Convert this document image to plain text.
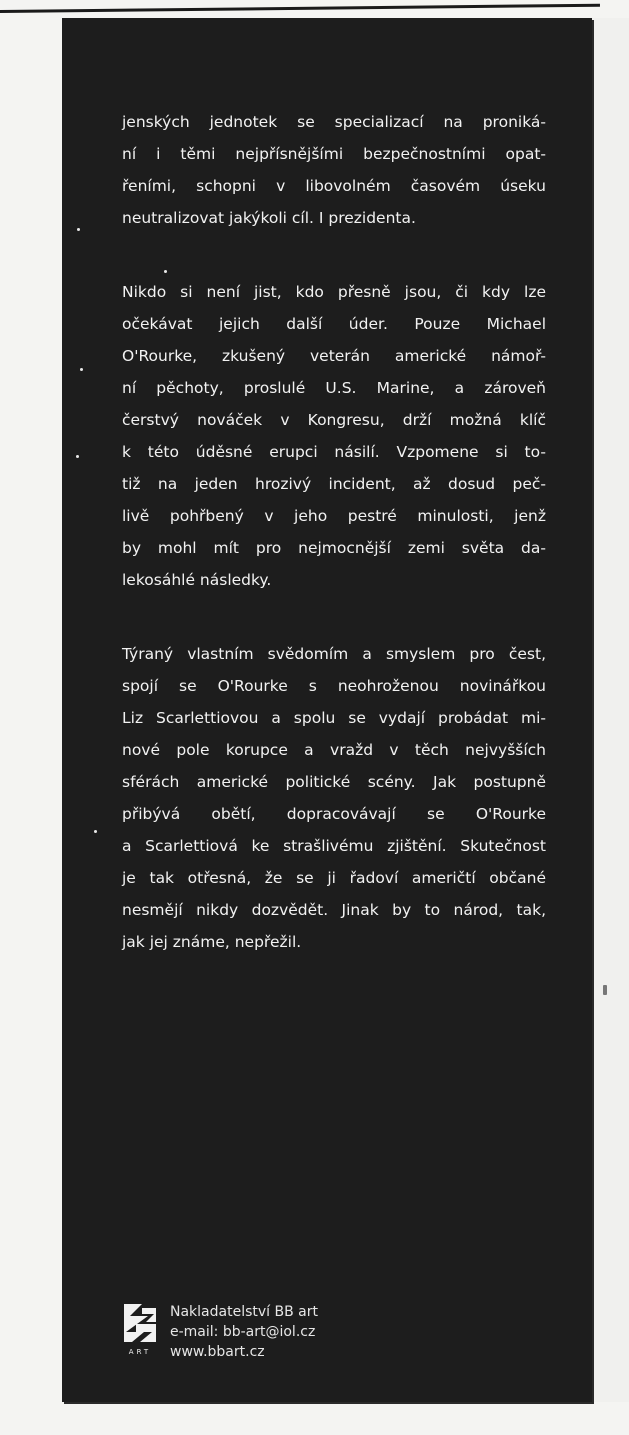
jenských jednotek se specializací na proniká-
ní i těmi nejpřísnějšími bezpečnostními opat-
řeními, schopni v libovolném časovém úseku
neutralizovat jakýkoli cíl. I prezidenta.
Nikdo si není jist, kdo přesně jsou, či kdy lze
očekávat jejich další úder. Pouze Michael
O'Rourke, zkušený veterán americké námoř-
ní pěchoty, proslulé U.S. Marine, a zároveň
čerstvý nováček v Kongresu, drží možná klíč
k této úděsné erupci násilí. Vzpomene si to-
tiž na jeden hrozivý incident, až dosud peč-
livě pohřbený v jeho pestré minulosti, jenž
by mohl mít pro nejmocnější zemi světa da-
lekosáhlé následky.
Týraný vlastním svědomím a smyslem pro čest,
spojí se O'Rourke s neohroženou novinářkou
Liz Scarlettiovou a spolu se vydají probádat mi-
nové pole korupce a vražd v těch nejvyšších
sférách americké politické scény. Jak postupně
přibývá obětí, dopracovávají se O'Rourke
a Scarlettiová ke strašlivému zjištění. Skutečnost
je tak otřesná, že se ji řadoví američtí občané
nesmějí nikdy dozvědět. Jinak by to národ, tak,
jak jej známe, nepřežil.
ART
Nakladatelství BB art
e-mail: bb-art@iol.cz
www.bbart.cz
